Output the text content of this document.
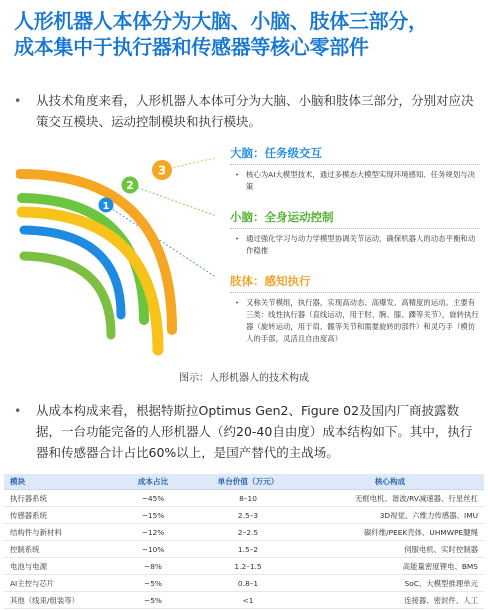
人形机器人本体分为大脑、小脑、肢体三部分，
成本集中于执行器和传感器等核心零部件
•	从技术角度来看，人形机器人本体可分为大脑、小脑和肢体三部分，分别对应决策交互模块、运动控制模块和执行模块。
3
2
1
大脑：任务级交互
• 核心为AI大模型技术，通过多模态大模型实现环境感知、任务规划与决策
小脑：全身运动控制
• 通过强化学习与动力学模型协调关节运动，确保机器人的动态平衡和动作稳推
肢体：感知执行
• 又称关节模组，执行器，实现高动态、高爆发、高精度的运动。主要有三类：线性执行器（直线运动，用于肘、腕、膝、踝等关节），旋转执行器（旋转运动，用于肩、髋等关节和需要旋转的部件）和灵巧手（模仿人的手部，灵活且自由度高）
图示：人形机器人的技术构成
•	从成本构成来看，根据特斯拉Optimus Gen2、Figure 02及国内厂商披露数据，一台功能完备的人形机器人（约20-40自由度）成本结构如下。其中，执行器和传感器合计占比60%以上，是国产替代的主战场。
模块	成本占比	单台价值（万元）	核心构成
执行器系统	~45%	8–10	无框电机、谐波/RV减速器、行星丝杠
传感器系统	~15%	2.5–3	3D视觉、六维力传感器、IMU
结构件与新材料	~12%	2–2.5	碳纤维/PEEK壳体、UHMWPE腱绳
控制系统	~10%	1.5–2	伺服电机、实时控制器
电池与电源	~8%	1.2–1.5	高能量密度锂电、BMS
AI主控与芯片	~5%	0.8–1	SoC、大模型推理单元
其他（线束/组装等）	~5%	<1	连接器、密封件、人工
